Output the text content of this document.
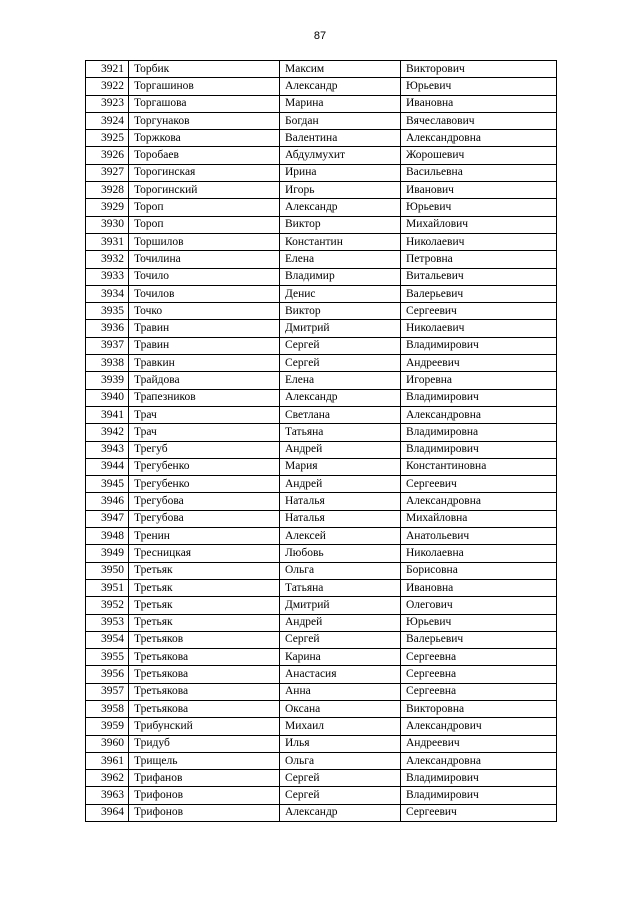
87
3921	Торбик	Максим	Викторович
3922	Торгашинов	Александр	Юрьевич
3923	Торгашова	Марина	Ивановна
3924	Торгунаков	Богдан	Вячеславович
3925	Торжкова	Валентина	Александровна
3926	Торобаев	Абдулмухит	Жорошевич
3927	Торогинская	Ирина	Васильевна
3928	Торогинский	Игорь	Иванович
3929	Тороп	Александр	Юрьевич
3930	Тороп	Виктор	Михайлович
3931	Торшилов	Константин	Николаевич
3932	Точилина	Елена	Петровна
3933	Точило	Владимир	Витальевич
3934	Точилов	Денис	Валерьевич
3935	Точко	Виктор	Сергеевич
3936	Травин	Дмитрий	Николаевич
3937	Травин	Сергей	Владимирович
3938	Травкин	Сергей	Андреевич
3939	Трайдова	Елена	Игоревна
3940	Трапезников	Александр	Владимирович
3941	Трач	Светлана	Александровна
3942	Трач	Татьяна	Владимировна
3943	Трегуб	Андрей	Владимирович
3944	Трегубенко	Мария	Константиновна
3945	Трегубенко	Андрей	Сергеевич
3946	Трегубова	Наталья	Александровна
3947	Трегубова	Наталья	Михайловна
3948	Тренин	Алексей	Анатольевич
3949	Тресницкая	Любовь	Николаевна
3950	Третьяк	Ольга	Борисовна
3951	Третьяк	Татьяна	Ивановна
3952	Третьяк	Дмитрий	Олегович
3953	Третьяк	Андрей	Юрьевич
3954	Третьяков	Сергей	Валерьевич
3955	Третьякова	Карина	Сергеевна
3956	Третьякова	Анастасия	Сергеевна
3957	Третьякова	Анна	Сергеевна
3958	Третьякова	Оксана	Викторовна
3959	Трибунский	Михаил	Александрович
3960	Тридуб	Илья	Андреевич
3961	Трищель	Ольга	Александровна
3962	Трифанов	Сергей	Владимирович
3963	Трифонов	Сергей	Владимирович
3964	Трифонов	Александр	Сергеевич
